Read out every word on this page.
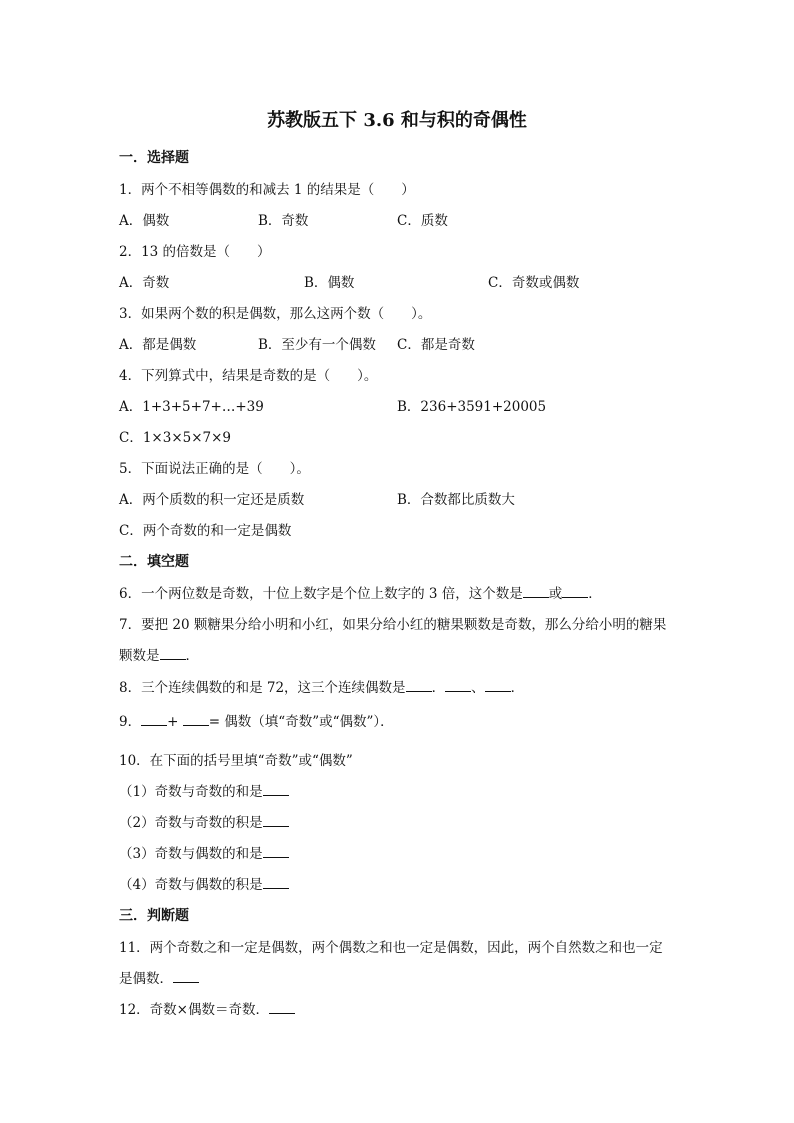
苏教版五下 3.6 和与积的奇偶性
一．选择题
1．两个不相等偶数的和减去 1 的结果是（　　）
A．偶数	B．奇数	C．质数
2．13 的倍数是（　　）
A．奇数	B．偶数	C．奇数或偶数
3．如果两个数的积是偶数，那么这两个数（　　）。
A．都是偶数	B．至少有一个偶数 C．都是奇数
4．下列算式中，结果是奇数的是（　　）。
A．1+3+5+7+…+39	B．236+3591+20005
C．1×3×5×7×9
5．下面说法正确的是（　　）。
A．两个质数的积一定还是质数	B．合数都比质数大
C．两个奇数的和一定是偶数
二．填空题
6．一个两位数是奇数，十位上数字是个位上数字的 3 倍，这个数是 或 ．
7．要把 20 颗糖果分给小明和小红，如果分给小红的糖果颗数是奇数，那么分给小明的糖果
颗数是 ．
8．三个连续偶数的和是 72，这三个连续偶数是 ． 、 ．
9． + = 偶数（填“奇数”或“偶数”）．
10．在下面的括号里填“奇数”或“偶数”
（1）奇数与奇数的和是
（2）奇数与奇数的积是
（3）奇数与偶数的和是
（4）奇数与偶数的积是
三．判断题
11．两个奇数之和一定是偶数，两个偶数之和也一定是偶数，因此，两个自然数之和也一定
是偶数．
12．奇数×偶数＝奇数．
